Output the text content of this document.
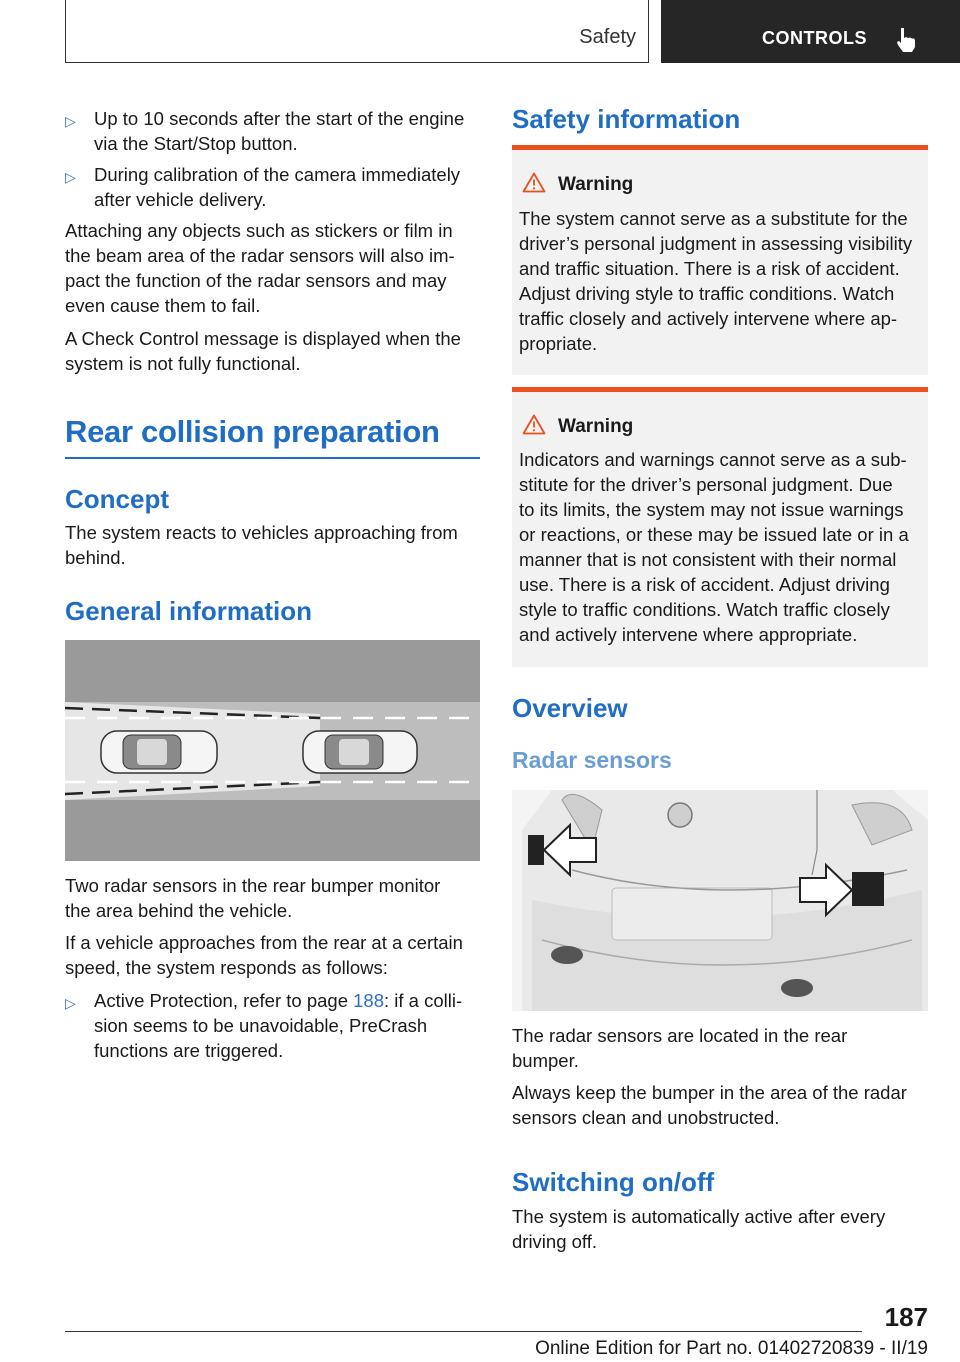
Safety	CONTROLS
▷ Up to 10 seconds after the start of the engine
via the Start/Stop button.
▷ During calibration of the camera immediately
after vehicle delivery.
Attaching any objects such as stickers or film in
the beam area of the radar sensors will also im-
pact the function of the radar sensors and may
even cause them to fail.
A Check Control message is displayed when the
system is not fully functional.
Rear collision preparation
Concept
The system reacts to vehicles approaching from
behind.
General information
Two radar sensors in the rear bumper monitor
the area behind the vehicle.
If a vehicle approaches from the rear at a certain
speed, the system responds as follows:
▷ Active Protection, refer to page 188: if a colli-
sion seems to be unavoidable, PreCrash
functions are triggered.
Safety information
Warning
The system cannot serve as a substitute for the
driver’s personal judgment in assessing visibility
and traffic situation. There is a risk of accident.
Adjust driving style to traffic conditions. Watch
traffic closely and actively intervene where ap-
propriate.
Warning
Indicators and warnings cannot serve as a sub-
stitute for the driver’s personal judgment. Due
to its limits, the system may not issue warnings
or reactions, or these may be issued late or in a
manner that is not consistent with their normal
use. There is a risk of accident. Adjust driving
style to traffic conditions. Watch traffic closely
and actively intervene where appropriate.
Overview
Radar sensors
The radar sensors are located in the rear
bumper.
Always keep the bumper in the area of the radar
sensors clean and unobstructed.
Switching on/off
The system is automatically active after every
driving off.
187
Online Edition for Part no. 01402720839 - II/19
